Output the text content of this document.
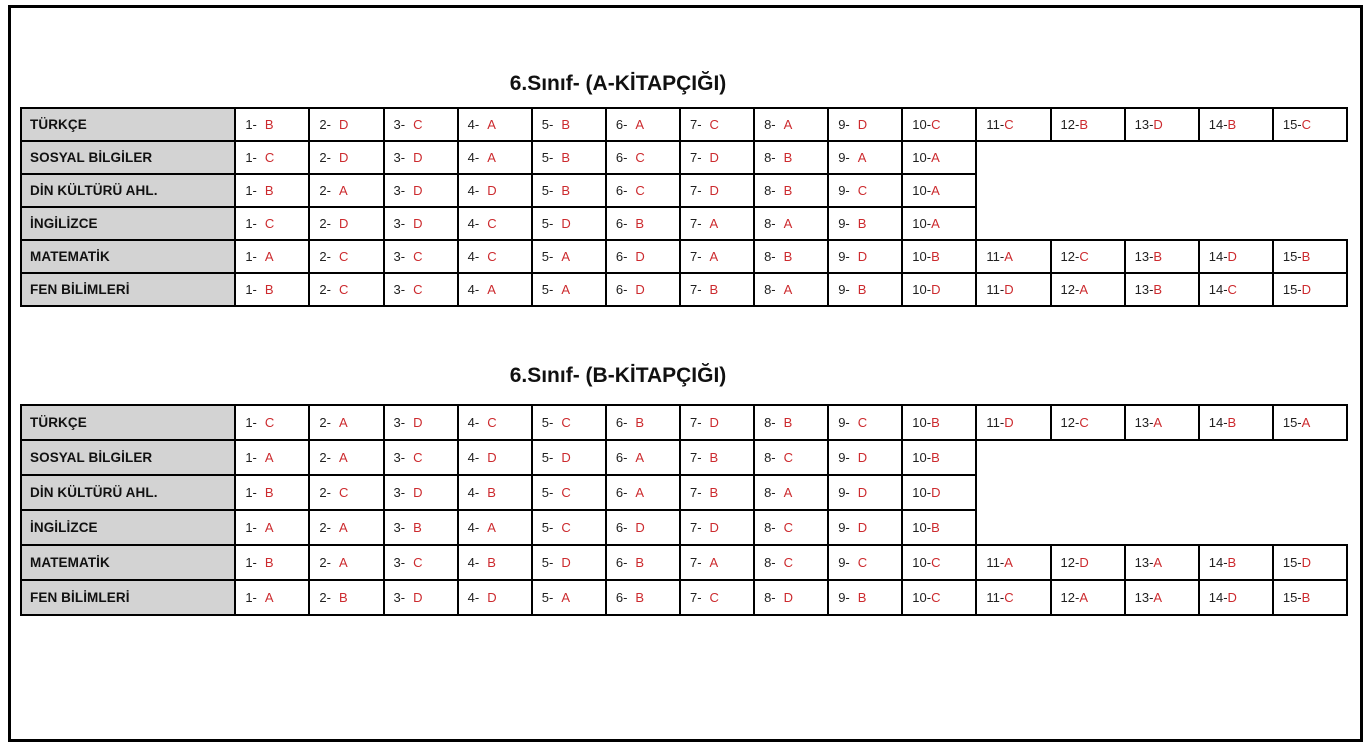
6.Sınıf- (A-KİTAPÇIĞI)
TÜRKÇE	1- B	2- D	3- C	4- A	5- B	6- A	7- C	8- A	9- D	10-C	11-C	12-B	13-D	14-B	15-C
SOSYAL BİLGİLER	1- C	2- D	3- D	4- A	5- B	6- C	7- D	8- B	9- A	10-A					
DİN KÜLTÜRÜ AHL.	1- B	2- A	3- D	4- D	5- B	6- C	7- D	8- B	9- C	10-A					
İNGİLİZCE	1- C	2- D	3- D	4- C	5- D	6- B	7- A	8- A	9- B	10-A					
MATEMATİK	1- A	2- C	3- C	4- C	5- A	6- D	7- A	8- B	9- D	10-B	11-A	12-C	13-B	14-D	15-B
FEN BİLİMLERİ	1- B	2- C	3- C	4- A	5- A	6- D	7- B	8- A	9- B	10-D	11-D	12-A	13-B	14-C	15-D
6.Sınıf- (B-KİTAPÇIĞI)
TÜRKÇE	1- C	2- A	3- D	4- C	5- C	6- B	7- D	8- B	9- C	10-B	11-D	12-C	13-A	14-B	15-A
SOSYAL BİLGİLER	1- A	2- A	3- C	4- D	5- D	6- A	7- B	8- C	9- D	10-B					
DİN KÜLTÜRÜ AHL.	1- B	2- C	3- D	4- B	5- C	6- A	7- B	8- A	9- D	10-D					
İNGİLİZCE	1- A	2- A	3- B	4- A	5- C	6- D	7- D	8- C	9- D	10-B					
MATEMATİK	1- B	2- A	3- C	4- B	5- D	6- B	7- A	8- C	9- C	10-C	11-A	12-D	13-A	14-B	15-D
FEN BİLİMLERİ	1- A	2- B	3- D	4- D	5- A	6- B	7- C	8- D	9- B	10-C	11-C	12-A	13-A	14-D	15-B
